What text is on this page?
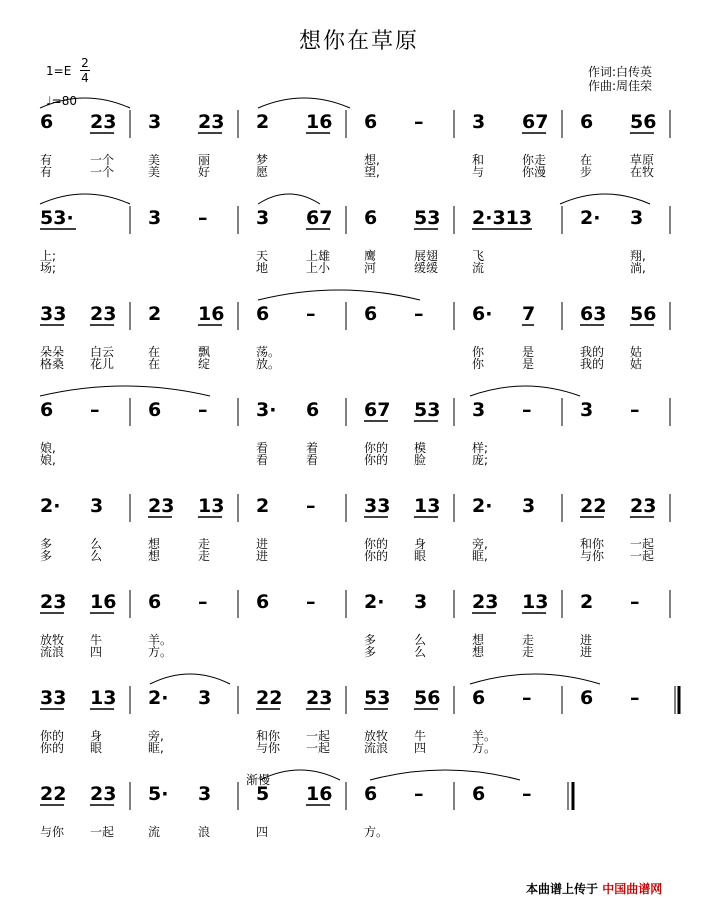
想你在草原
1=E
2
4
♩=80
作词:白传英
作曲:周佳荣
6 23
有	一个
有	一个
3 23
美	丽
美	好
2 16
梦
愿
6 –
想,
望,
3 67
和	你走
与	你漫
6 56
在	草原
步	在牧
53·
上;
场;
3 –	3 67
天	上雄
地	上小
6 53
鹰	展翅
河	缓缓
2·313
飞
流
2· 3
翔,
淌,
33 23
朵朵 白云
格桑 花儿
2 16
在	飘
在	绽
6 –
荡。
放。
6 –	6· 7
你	是
你	是
63 56
我的 姑
我的 姑
6 –
娘,
娘,
6 –	3· 6
看	着
看	看
67 53
你的 模
你的 脸
3 –
样;
庞;
3 –
2· 3
多	么
多	么
23 13
想	走
想	走
2 –
进
进
33 13
你的 身
你的 眼
2· 3
旁,
眶,
22 23
和你 一起
与你 一起
23 16
放牧 牛
流浪 四
6 –
羊。
方。
6 –	2· 3
多	么
多	么
23 13
想	走
想	走
2 –
进
进
33 13
你的 身
你的 眼
2· 3
旁,
眶,
22 23
和你 一起
与你 一起
53 56
放牧 牛
流浪 四
6 –
羊。
方。
6 –
22 23
与你 一起
5· 3
流	浪
5 16
四
6 –
方。
6 –
渐慢
本曲谱上传于 中国曲谱网
